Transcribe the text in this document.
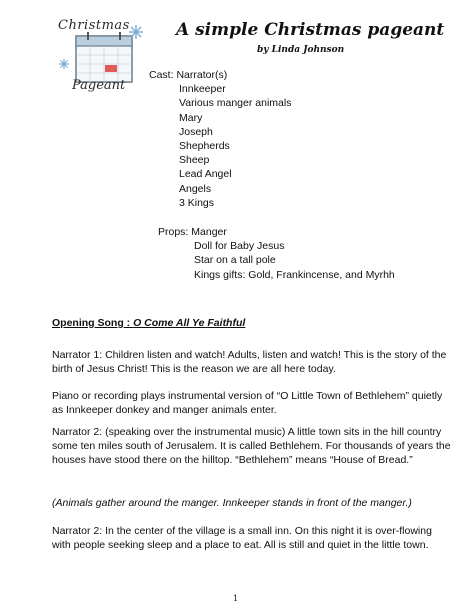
Christmas
Pageant
A simple Christmas pageant
by Linda Johnson
Cast: Narrator(s)
Innkeeper
Various manger animals
Mary
Joseph
Shepherds
Sheep
Lead Angel
Angels
3 Kings
Props: Manger
Doll for Baby Jesus
Star on a tall pole
Kings gifts: Gold, Frankincense, and Myrhh

Opening Song : O Come All Ye Faithful

Narrator 1: Children listen and watch! Adults, listen and watch! This is the story of the birth of Jesus Christ! This is the reason we are all here today.

Piano or recording plays instrumental version of “O Little Town of Bethlehem” quietly as Innkeeper donkey and manger animals enter.

Narrator 2: (speaking over the instrumental music) A little town sits in the hill country some ten miles south of Jerusalem. It is called Bethlehem. For thousands of years the houses have stood there on the hilltop. “Bethlehem” means “House of Bread.”

(Animals gather around the manger. Innkeeper stands in front of the manger.)

Narrator 2: In the center of the village is a small inn. On this night it is over-flowing with people seeking sleep and a place to eat. All is still and quiet in the little town.

1
